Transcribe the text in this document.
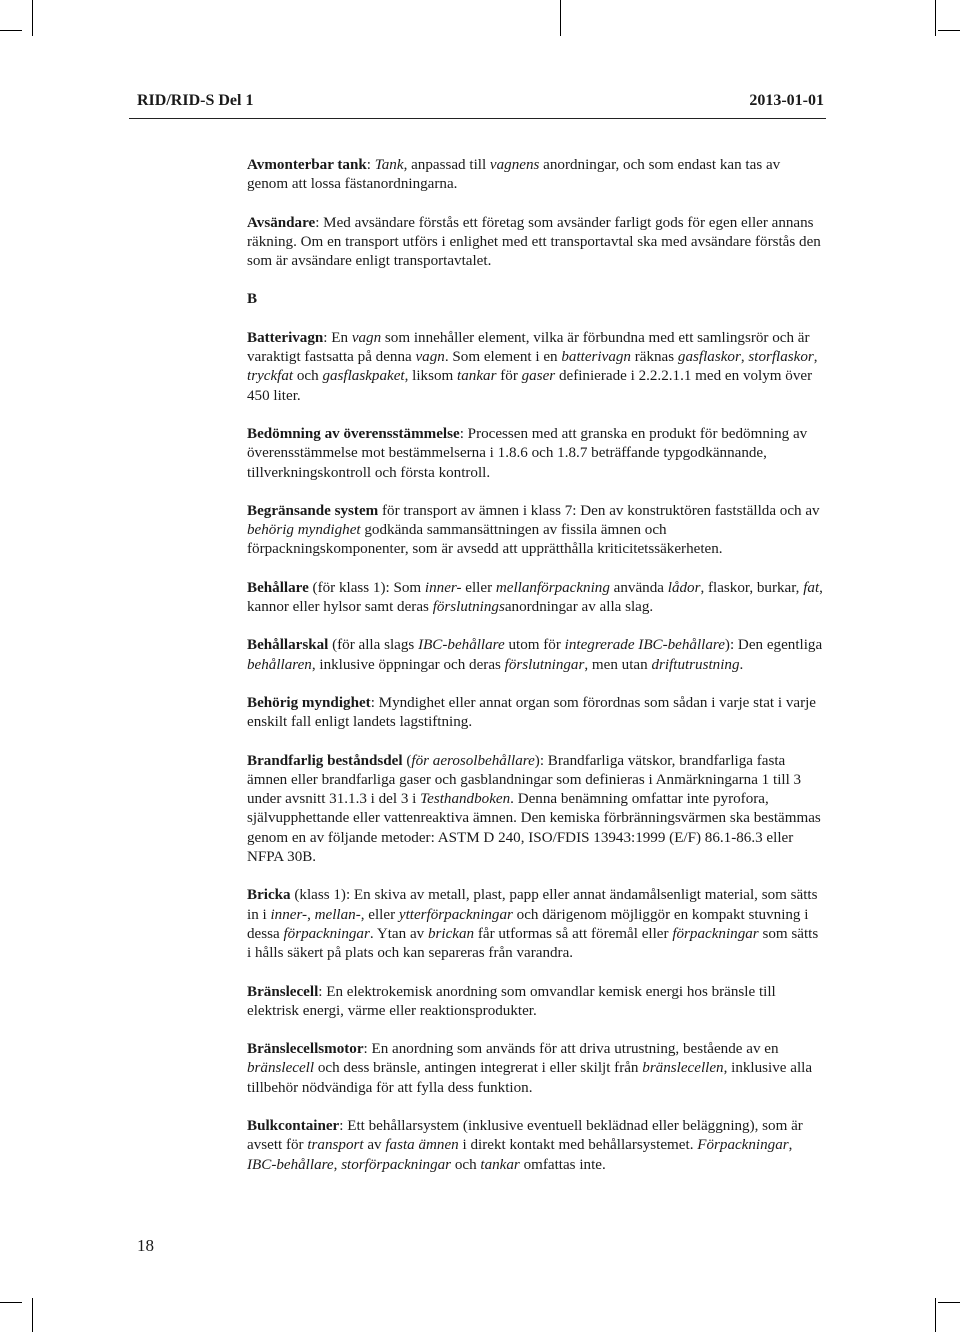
RID/RID-S Del 1	2013-01-01

Avmonterbar tank: Tank, anpassad till vagnens anordningar, och som endast kan tas av genom att lossa fästanordningarna.

Avsändare: Med avsändare förstås ett företag som avsänder farligt gods för egen eller annans räkning. Om en transport utförs i enlighet med ett transportavtal ska med avsändare förstås den som är avsändare enligt transportavtalet.

B

Batterivagn: En vagn som innehåller element, vilka är förbundna med ett samlingsrör och är varaktigt fastsatta på denna vagn. Som element i en batterivagn räknas gasflaskor, storflaskor, tryckfat och gasflaskpaket, liksom tankar för gaser definierade i 2.2.2.1.1 med en volym över 450 liter.

Bedömning av överensstämmelse: Processen med att granska en produkt för bedömning av överensstämmelse mot bestämmelserna i 1.8.6 och 1.8.7 beträffande typgodkännande, tillverkningskontroll och första kontroll.

Begränsande system för transport av ämnen i klass 7: Den av konstruktören fastställda och av behörig myndighet godkända sammansättningen av fissila ämnen och förpackningskomponenter, som är avsedd att upprätthålla kriticitetssäkerheten.

Behållare (för klass 1): Som inner- eller mellanförpackning använda lådor, flaskor, burkar, fat, kannor eller hylsor samt deras förslutningsanordningar av alla slag.

Behållarskal (för alla slags IBC-behållare utom för integrerade IBC-behållare): Den egentliga behållaren, inklusive öppningar och deras förslutningar, men utan driftutrustning.

Behörig myndighet: Myndighet eller annat organ som förordnas som sådan i varje stat i varje enskilt fall enligt landets lagstiftning.

Brandfarlig beståndsdel (för aerosolbehållare): Brandfarliga vätskor, brandfarliga fasta ämnen eller brandfarliga gaser och gasblandningar som definieras i Anmärkningarna 1 till 3 under avsnitt 31.1.3 i del 3 i Testhandboken. Denna benämning omfattar inte pyrofora, självupphettande eller vattenreaktiva ämnen. Den kemiska förbränningsvärmen ska bestämmas genom en av följande metoder: ASTM D 240, ISO/FDIS 13943:1999 (E/F) 86.1-86.3 eller NFPA 30B.

Bricka (klass 1): En skiva av metall, plast, papp eller annat ändamålsenligt material, som sätts in i inner-, mellan-, eller ytterförpackningar och därigenom möjliggör en kompakt stuvning i dessa förpackningar. Ytan av brickan får utformas så att föremål eller förpackningar som sätts i hålls säkert på plats och kan separeras från varandra.

Bränslecell: En elektrokemisk anordning som omvandlar kemisk energi hos bränsle till elektrisk energi, värme eller reaktionsprodukter.

Bränslecellsmotor: En anordning som används för att driva utrustning, bestående av en bränslecell och dess bränsle, antingen integrerat i eller skiljt från bränslecellen, inklusive alla tillbehör nödvändiga för att fylla dess funktion.

Bulkcontainer: Ett behållarsystem (inklusive eventuell beklädnad eller beläggning), som är avsett för transport av fasta ämnen i direkt kontakt med behållarsystemet. Förpackningar, IBC-behållare, storförpackningar och tankar omfattas inte.

18
